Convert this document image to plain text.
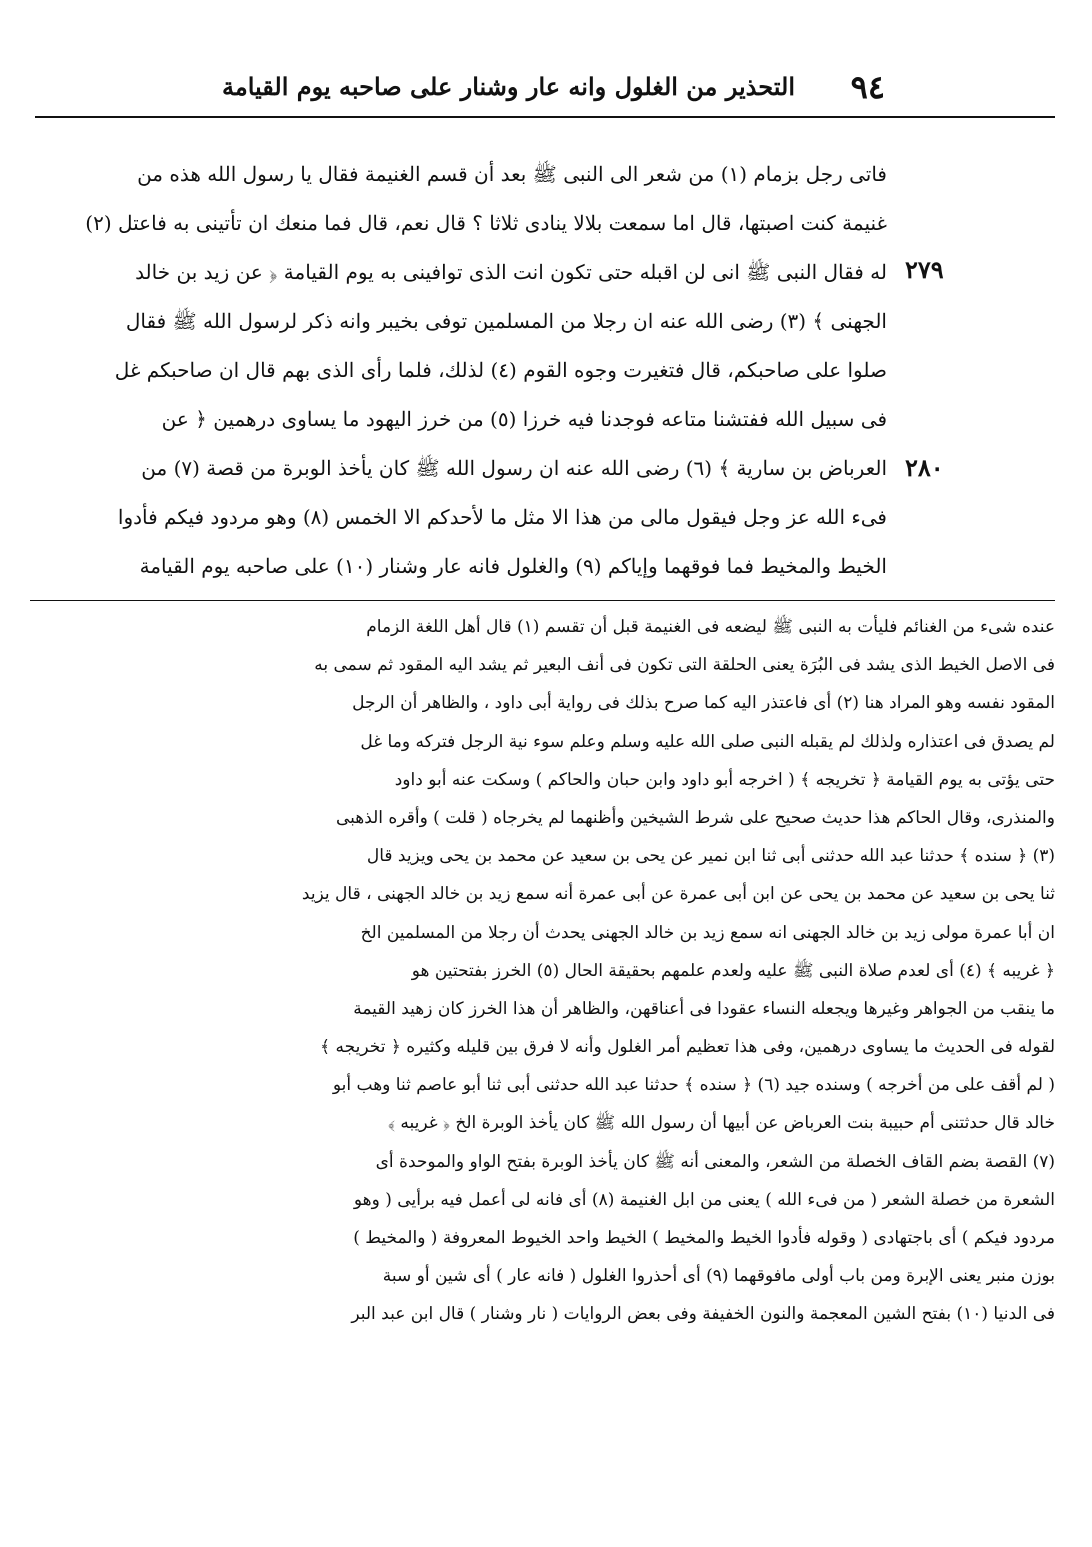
٩٤
التحذير من الغلول وانه عار وشنار على صاحبه يوم القيامة
٢٧٩
٢٨٠
فاتى رجل بزمام (١) من شعر الى النبى ﷺ بعد أن قسم الغنيمة فقال يا رسول الله هذه من
غنيمة كنت اصبتها، قال اما سمعت بلالا ينادى ثلاثا ؟ قال نعم، قال فما منعك ان تأتينى به فاعتل (٢)
له فقال النبى ﷺ انى لن اقبله حتى تكون انت الذى توافينى به يوم القيامة ﴿ عن زيد بن خالد
الجهنى ﴾ (٣) رضى الله عنه ان رجلا من المسلمين توفى بخيبر وانه ذكر لرسول الله ﷺ فقال
صلوا على صاحبكم، قال فتغيرت وجوه القوم (٤) لذلك، فلما رأى الذى بهم قال ان صاحبكم غل
فى سبيل الله ففتشنا متاعه فوجدنا فيه خرزا (٥) من خرز اليهود ما يساوى درهمين ﴿ عن
العرباض بن سارية ﴾ (٦) رضى الله عنه ان رسول الله ﷺ كان يأخذ الوبرة من قصة (٧) من
فىء الله عز وجل فيقول مالى من هذا الا مثل ما لأحدكم الا الخمس (٨) وهو مردود فيكم فأدوا
الخيط والمخيط فما فوقهما وإياكم (٩) والغلول فانه عار وشنار (١٠) على صاحبه يوم القيامة
عنده شىء من الغنائم فليأت به النبى ﷺ ليضعه فى الغنيمة قبل أن تقسم (١) قال أهل اللغة الزمام
فى الاصل الخيط الذى يشد فى البُرَة يعنى الحلقة التى تكون فى أنف البعير ثم يشد اليه المقود ثم سمى به
المقود نفسه وهو المراد هنا (٢) أى فاعتذر اليه كما صرح بذلك فى رواية أبى داود ، والظاهر أن الرجل
لم يصدق فى اعتذاره ولذلك لم يقبله النبى صلى الله عليه وسلم وعلم سوء نية الرجل فتركه وما غل
حتى يؤتى به يوم القيامة ﴿ تخريجه ﴾ ( اخرجه أبو داود وابن حبان والحاكم ) وسكت عنه أبو داود
والمنذرى، وقال الحاكم هذا حديث صحيح على شرط الشيخين وأظنهما لم يخرجاه ( قلت ) وأقره الذهبى
(٣) ﴿ سنده ﴾ حدثنا عبد الله حدثنى أبى ثنا ابن نمير عن يحى بن سعيد عن محمد بن يحى ويزيد قال
ثنا يحى بن سعيد عن محمد بن يحى عن ابن أبى عمرة عن أبى عمرة أنه سمع زيد بن خالد الجهنى ، قال يزيد
ان أبا عمرة مولى زيد بن خالد الجهنى انه سمع زيد بن خالد الجهنى يحدث أن رجلا من المسلمين الخ
﴿ غريبه ﴾ (٤) أى لعدم صلاة النبى ﷺ عليه ولعدم علمهم بحقيقة الحال (٥) الخرز بفتحتين هو
ما ينقب من الجواهر وغيرها ويجعله النساء عقودا فى أعناقهن، والظاهر أن هذا الخرز كان زهيد القيمة
لقوله فى الحديث ما يساوى درهمين، وفى هذا تعظيم أمر الغلول وأنه لا فرق بين قليله وكثيره ﴿ تخريجه ﴾
( لم أقف على من أخرجه ) وسنده جيد (٦) ﴿ سنده ﴾ حدثنا عبد الله حدثنى أبى ثنا أبو عاصم ثنا وهب أبو
خالد قال حدثتنى أم حبيبة بنت العرباض عن أبيها أن رسول الله ﷺ كان يأخذ الوبرة الخ ﴿ غريبه ﴾
(٧) القصة بضم القاف الخصلة من الشعر، والمعنى أنه ﷺ كان يأخذ الوبرة بفتح الواو والموحدة أى
الشعرة من خصلة الشعر ( من فىء الله ) يعنى من ابل الغنيمة (٨) أى فانه لى أعمل فيه برأيى ( وهو
مردود فيكم ) أى باجتهادى ( وقوله فأدوا الخيط والمخيط ) الخيط واحد الخيوط المعروفة ( والمخيط )
بوزن منبر يعنى الإبرة ومن باب أولى مافوقهما (٩) أى أحذروا الغلول ( فانه عار ) أى شين أو سبة
فى الدنيا (١٠) بفتح الشين المعجمة والنون الخفيفة وفى بعض الروايات ( نار وشنار ) قال ابن عبد البر
